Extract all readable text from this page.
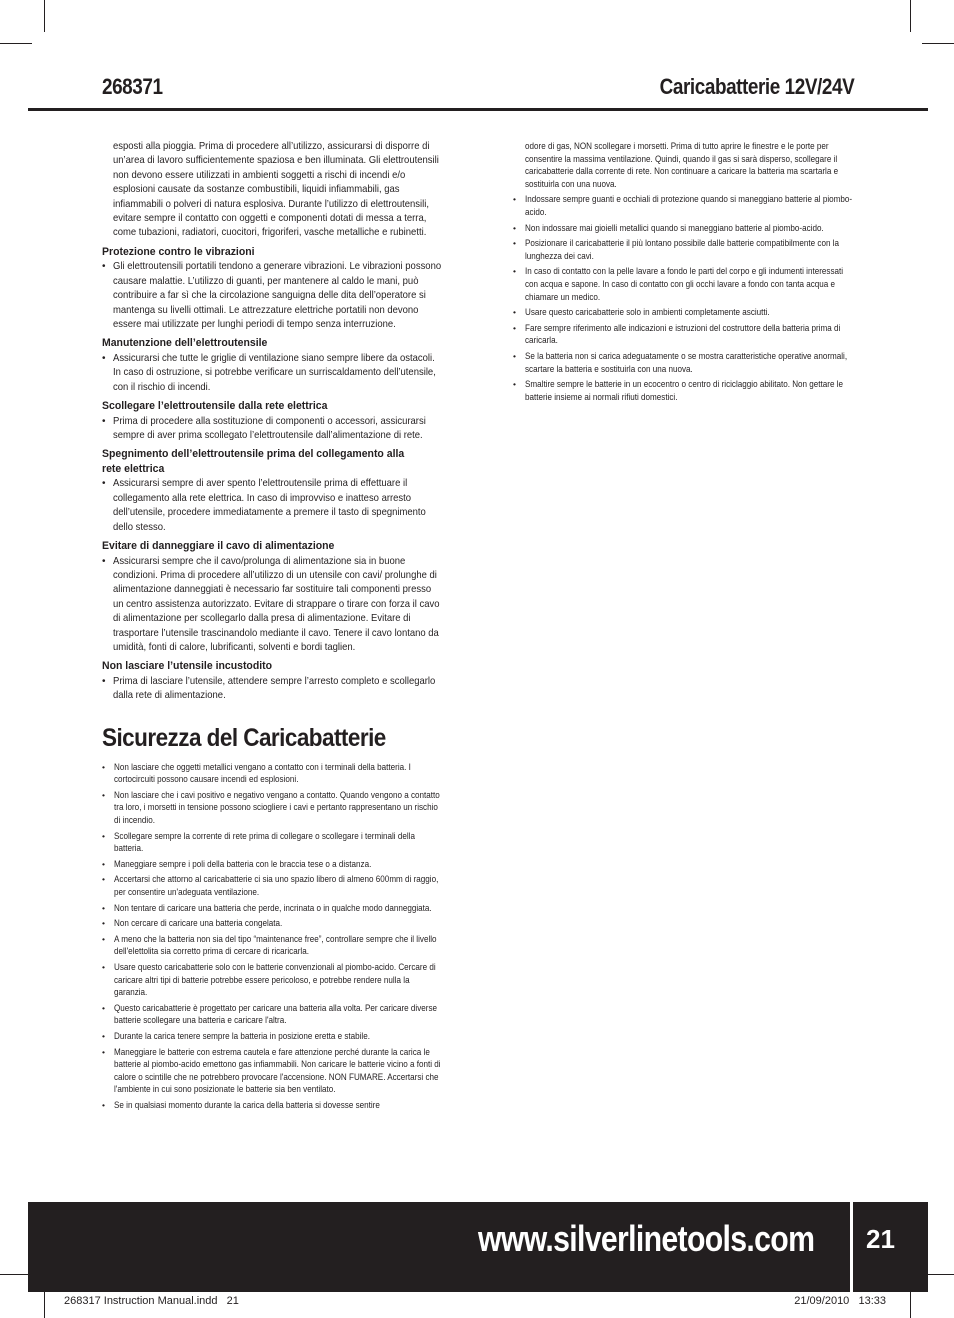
268371	Caricabatterie 12V/24V

esposti alla pioggia. Prima di procedere all’utilizzo, assicurarsi di disporre di un’area di lavoro sufficientemente spaziosa e ben illuminata. Gli elettroutensili non devono essere utilizzati in ambienti soggetti a rischi di incendi e/o esplosioni causate da sostanze combustibili, liquidi infiammabili, gas infiammabili o polveri di natura esplosiva. Durante l’utilizzo di elettroutensili, evitare sempre il contatto con oggetti e componenti dotati di messa a terra, come tubazioni, radiatori, cuocitori, frigoriferi, vasche metalliche e rubinetti.

Protezione contro le vibrazioni
• Gli elettroutensili portatili tendono a generare vibrazioni. Le vibrazioni possono causare malattie. L’utilizzo di guanti, per mantenere al caldo le mani, può contribuire a far sì che la circolazione sanguigna delle dita dell’operatore si mantenga su livelli ottimali. Le attrezzature elettriche portatili non devono essere mai utilizzate per lunghi periodi di tempo senza interruzione.
Manutenzione dell’elettroutensile
• Assicurarsi che tutte le griglie di ventilazione siano sempre libere da ostacoli. In caso di ostruzione, si potrebbe verificare un surriscaldamento dell’utensile, con il rischio di incendi.
Scollegare l’elettroutensile dalla rete elettrica
• Prima di procedere alla sostituzione di componenti o accessori, assicurarsi sempre di aver prima scollegato l’elettroutensile dall’alimentazione di rete.
Spegnimento dell’elettroutensile prima del collegamento alla rete elettrica
• Assicurarsi sempre di aver spento l’elettroutensile prima di effettuare il collegamento alla rete elettrica. In caso di improvviso e inatteso arresto dell’utensile, procedere immediatamente a premere il tasto di spegnimento dello stesso.
Evitare di danneggiare il cavo di alimentazione
• Assicurarsi sempre che il cavo/prolunga di alimentazione sia in buone condizioni. Prima di procedere all’utilizzo di un utensile con cavi/ prolunghe di alimentazione danneggiati è necessario far sostituire tali componenti presso un centro assistenza autorizzato. Evitare di strappare o tirare con forza il cavo di alimentazione per scollegarlo dalla presa di alimentazione. Evitare di trasportare l’utensile trascinandolo mediante il cavo. Tenere il cavo lontano da umidità, fonti di calore, lubrificanti, solventi e bordi taglien.
Non lasciare l’utensile incustodito
• Prima di lasciare l’utensile, attendere sempre l’arresto completo e scollegarlo dalla rete di alimentazione.
Sicurezza del Caricabatterie
• Non lasciare che oggetti metallici vengano a contatto con i terminali della batteria. I cortocircuiti possono causare incendi ed esplosioni.
• Non lasciare che i cavi positivo e negativo vengano a contatto. Quando vengono a contatto tra loro, i morsetti in tensione possono sciogliere i cavi e pertanto rappresentano un rischio di incendio.
• Scollegare sempre la corrente di rete prima di collegare o scollegare i terminali della batteria.
• Maneggiare sempre i poli della batteria con le braccia tese o a distanza.
• Accertarsi che attorno al caricabatterie ci sia uno spazio libero di almeno 600mm di raggio, per consentire un'adeguata ventilazione.
• Non tentare di caricare una batteria che perde, incrinata o in qualche modo danneggiata.
• Non cercare di caricare una batteria congelata.
• A meno che la batteria non sia del tipo “maintenance free”, controllare sempre che il livello dell'elettolita sia corretto prima di cercare di ricaricarla.
• Usare questo caricabatterie solo con le batterie convenzionali al piombo-acido. Cercare di caricare altri tipi di batterie potrebbe essere pericoloso, e potrebbe rendere nulla la garanzia.
• Questo caricabatterie è progettato per caricare una batteria alla volta. Per caricare diverse batterie scollegare una batteria e caricare l'altra.
• Durante la carica tenere sempre la batteria in posizione eretta e stabile.
• Maneggiare le batterie con estrema cautela e fare attenzione perché durante la carica le batterie al piombo-acido emettono gas infiammabili. Non caricare le batterie vicino a fonti di calore o scintille che ne potrebbero provocare l'accensione. NON FUMARE. Accertarsi che l'ambiente in cui sono posizionate le batterie sia ben ventilato.
• Se in qualsiasi momento durante la carica della batteria si dovesse sentire

odore di gas, NON scollegare i morsetti. Prima di tutto aprire le finestre e le porte per consentire la massima ventilazione. Quindi, quando il gas si sarà disperso, scollegare il caricabatterie dalla corrente di rete. Non continuare a caricare la batteria ma scartarla e sostituirla con una nuova.

• Indossare sempre guanti e occhiali di protezione quando si maneggiano batterie al piombo-acido.
• Non indossare mai gioielli metallici quando si maneggiano batterie al piombo-acido.
• Posizionare il caricabatterie il più lontano possibile dalle batterie compatibilmente con la lunghezza dei cavi.
• In caso di contatto con la pelle lavare a fondo le parti del corpo e gli indumenti interessati con acqua e sapone. In caso di contatto con gli occhi lavare a fondo con tanta acqua e chiamare un medico.
• Usare questo caricabatterie solo in ambienti completamente asciutti.
• Fare sempre riferimento alle indicazioni e istruzioni del costruttore della batteria prima di caricarla.
• Se la batteria non si carica adeguatamente o se mostra caratteristiche operative anormali, scartare la batteria e sostituirla con una nuova.
• Smaltire sempre le batterie in un ecocentro o centro di riciclaggio abilitato. Non gettare le batterie insieme ai normali rifiuti domestici.
www.silverlinetools.com 21
268317 Instruction Manual.indd   21	21/09/2010   13:33
